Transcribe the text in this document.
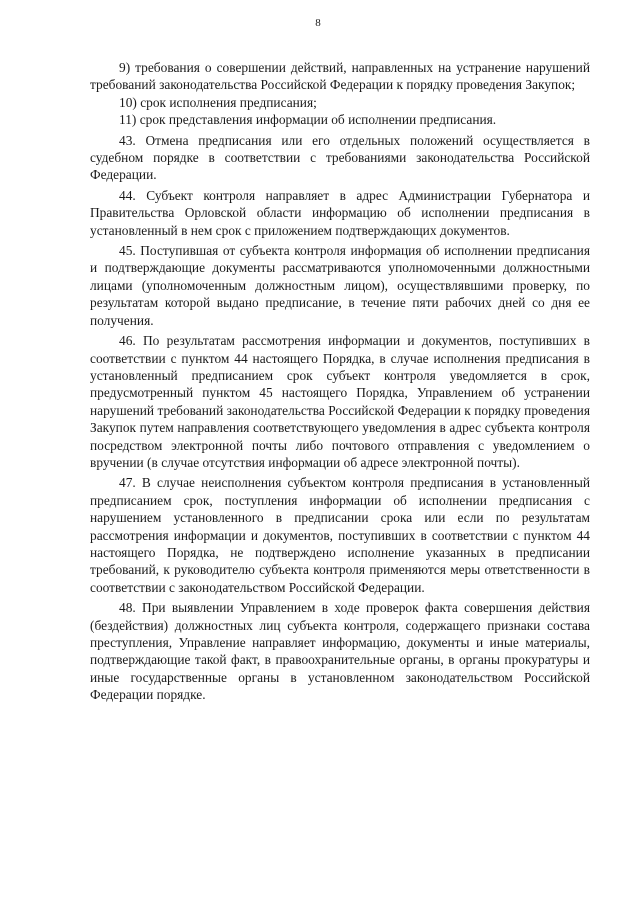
8

9) требования о совершении действий, направленных на устранение нарушений требований законодательства Российской Федерации к порядку проведения Закупок;

10) срок исполнения предписания;

11) срок представления информации об исполнении предписания.

43. Отмена предписания или его отдельных положений осуществляется в судебном порядке в соответствии с требованиями законодательства Российской Федерации.

44. Субъект контроля направляет в адрес Администрации Губернатора и Правительства Орловской области информацию об исполнении предписания в установленный в нем срок с приложением подтверждающих документов.

45. Поступившая от субъекта контроля информация об исполнении предписания и подтверждающие документы рассматриваются уполномоченными должностными лицами (уполномоченным должностным лицом), осуществлявшими проверку, по результатам которой выдано предписание, в течение пяти рабочих дней со дня ее получения.

46. По результатам рассмотрения информации и документов, поступивших в соответствии с пунктом 44 настоящего Порядка, в случае исполнения предписания в установленный предписанием срок субъект контроля уведомляется в срок, предусмотренный пунктом 45 настоящего Порядка, Управлением об устранении нарушений требований законодательства Российской Федерации к порядку проведения Закупок путем направления соответствующего уведомления в адрес субъекта контроля посредством электронной почты либо почтового отправления с уведомлением о вручении (в случае отсутствия информации об адресе электронной почты).

47. В случае неисполнения субъектом контроля предписания в установленный предписанием срок, поступления информации об исполнении предписания с нарушением установленного в предписании срока или если по результатам рассмотрения информации и документов, поступивших в соответствии с пунктом 44 настоящего Порядка, не подтверждено исполнение указанных в предписании требований, к руководителю субъекта контроля применяются меры ответственности в соответствии с законодательством Российской Федерации.

48. При выявлении Управлением в ходе проверок факта совершения действия (бездействия) должностных лиц субъекта контроля, содержащего признаки состава преступления, Управление направляет информацию, документы и иные материалы, подтверждающие такой факт, в правоохранительные органы, в органы прокуратуры и иные государственные органы в установленном законодательством Российской Федерации порядке.
